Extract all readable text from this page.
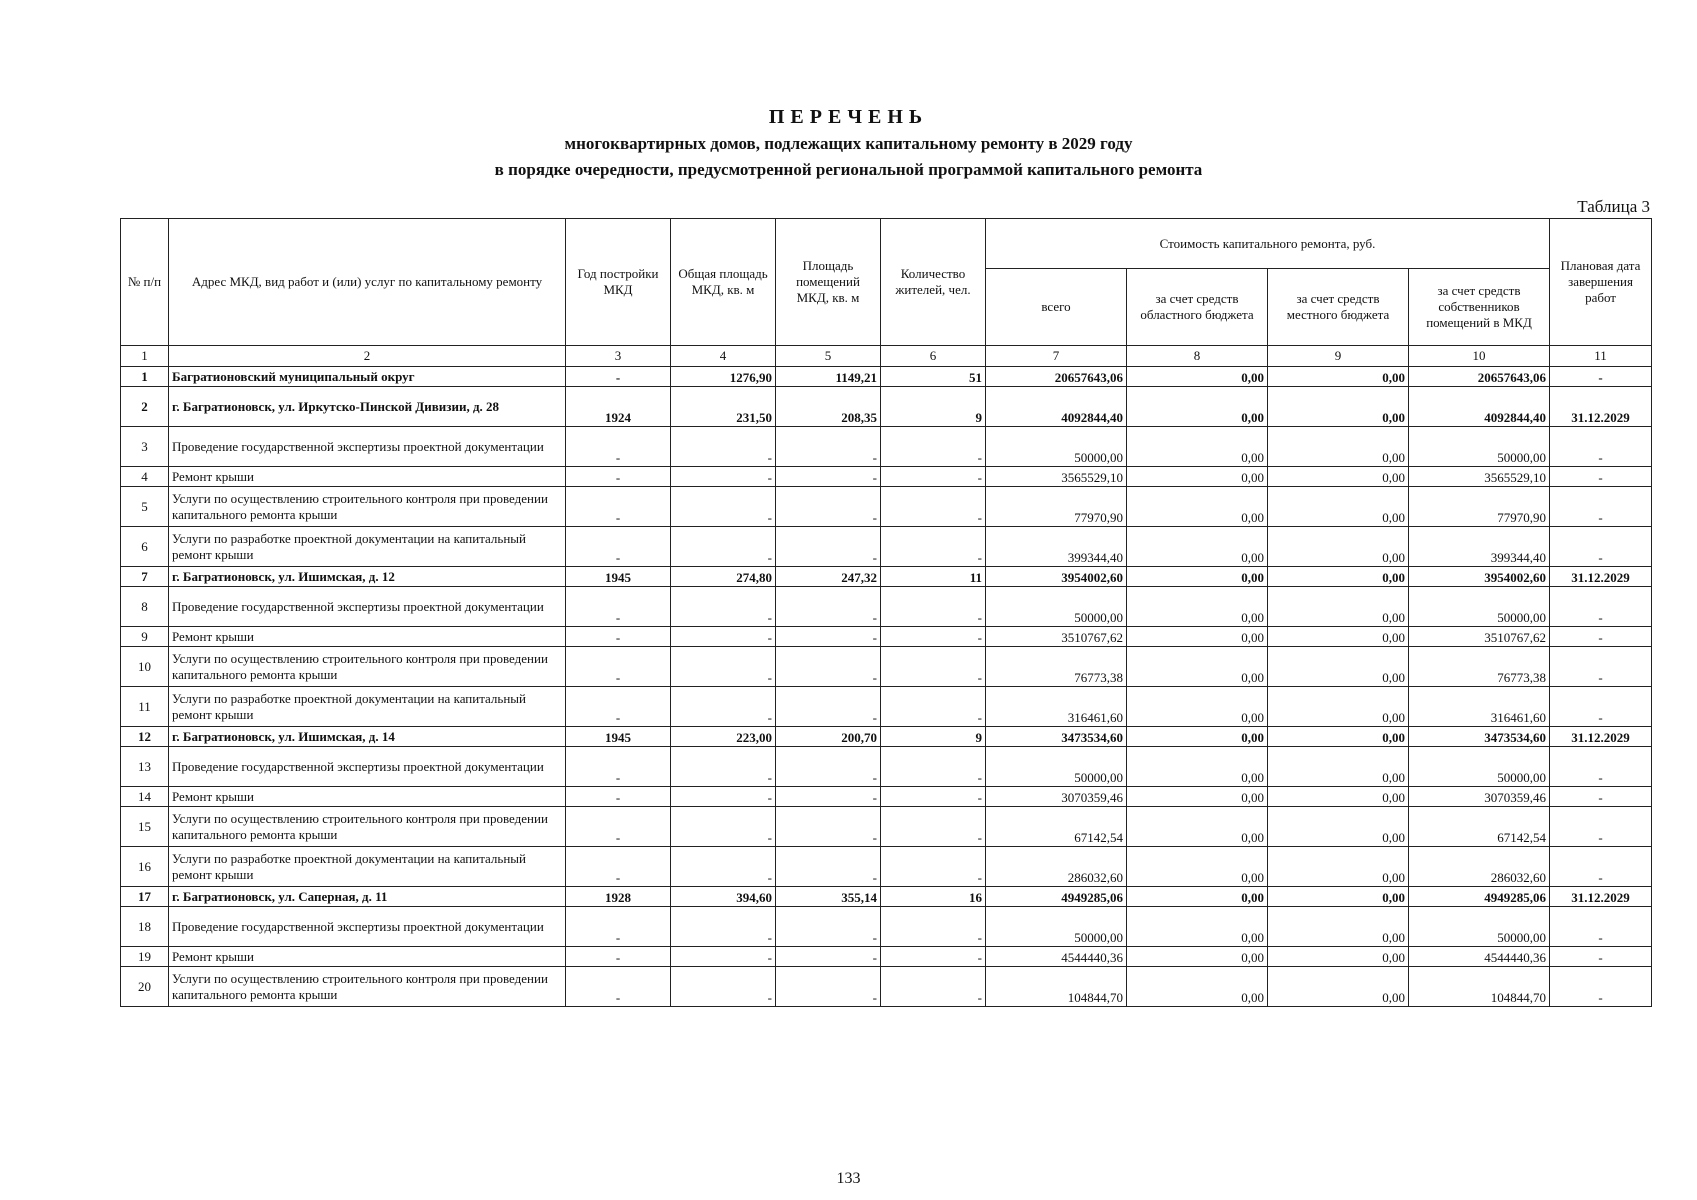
ПЕРЕЧЕНЬ
многоквартирных домов, подлежащих капитальному ремонту в 2029 году
в порядке очередности, предусмотренной региональной программой капитального ремонта
Таблица 3
№ п/п	Адрес МКД, вид работ и (или) услуг по капитальному ремонту	Год постройки МКД	Общая площадь МКД, кв. м	Площадь помещений МКД, кв. м	Количество жителей, чел.	Стоимость капитального ремонта, руб.				Плановая дата завершения работ
						всего	за счет средств областного бюджета	за счет средств местного бюджета	за счет средств собственников помещений в МКД	
1	2	3	4	5	6	7	8	9	10	11
1	Багратионовский муниципальный округ	-	1276,90	1149,21	51	20657643,06	0,00	0,00	20657643,06	-
2	г. Багратионовск, ул. Иркутско-Пинской Дивизии, д. 28	1924	231,50	208,35	9	4092844,40	0,00	0,00	4092844,40	31.12.2029
3	Проведение государственной экспертизы проектной документации	-	-	-	-	50000,00	0,00	0,00	50000,00	-
4	Ремонт крыши	-	-	-	-	3565529,10	0,00	0,00	3565529,10	-
5	Услуги по осуществлению строительного контроля при проведении капитального ремонта крыши	-	-	-	-	77970,90	0,00	0,00	77970,90	-
6	Услуги по разработке проектной документации на капитальный ремонт крыши	-	-	-	-	399344,40	0,00	0,00	399344,40	-
7	г. Багратионовск, ул. Ишимская, д. 12	1945	274,80	247,32	11	3954002,60	0,00	0,00	3954002,60	31.12.2029
8	Проведение государственной экспертизы проектной документации	-	-	-	-	50000,00	0,00	0,00	50000,00	-
9	Ремонт крыши	-	-	-	-	3510767,62	0,00	0,00	3510767,62	-
10	Услуги по осуществлению строительного контроля при проведении капитального ремонта крыши	-	-	-	-	76773,38	0,00	0,00	76773,38	-
11	Услуги по разработке проектной документации на капитальный ремонт крыши	-	-	-	-	316461,60	0,00	0,00	316461,60	-
12	г. Багратионовск, ул. Ишимская, д. 14	1945	223,00	200,70	9	3473534,60	0,00	0,00	3473534,60	31.12.2029
13	Проведение государственной экспертизы проектной документации	-	-	-	-	50000,00	0,00	0,00	50000,00	-
14	Ремонт крыши	-	-	-	-	3070359,46	0,00	0,00	3070359,46	-
15	Услуги по осуществлению строительного контроля при проведении капитального ремонта крыши	-	-	-	-	67142,54	0,00	0,00	67142,54	-
16	Услуги по разработке проектной документации на капитальный ремонт крыши	-	-	-	-	286032,60	0,00	0,00	286032,60	-
17	г. Багратионовск, ул. Саперная, д. 11	1928	394,60	355,14	16	4949285,06	0,00	0,00	4949285,06	31.12.2029
18	Проведение государственной экспертизы проектной документации	-	-	-	-	50000,00	0,00	0,00	50000,00	-
19	Ремонт крыши	-	-	-	-	4544440,36	0,00	0,00	4544440,36	-
20	Услуги по осуществлению строительного контроля при проведении капитального ремонта крыши	-	-	-	-	104844,70	0,00	0,00	104844,70	-
133
